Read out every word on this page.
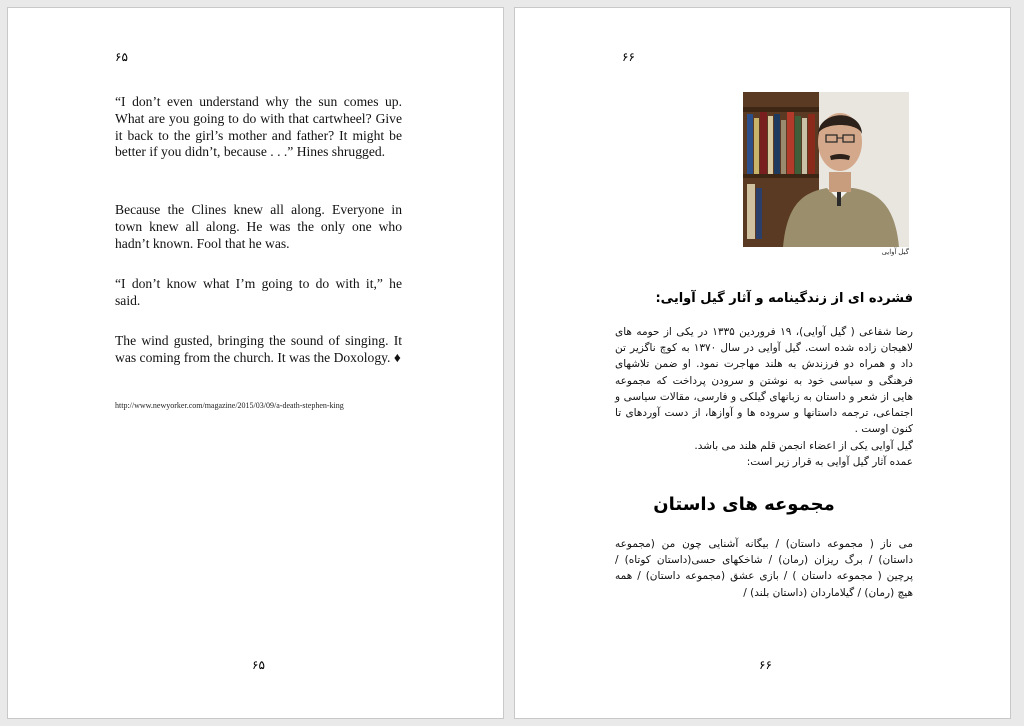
۶۵

“I don’t even understand why the sun comes up. What are you going to do with that cartwheel? Give it back to the girl’s mother and father? It might be better if you didn’t, because . . .” Hines shrugged.

Because the Clines knew all along. Everyone in town knew all along. He was the only one who hadn’t known. Fool that he was.

“I don’t know what I’m going to do with it,” he said.

The wind gusted, bringing the sound of singing. It was coming from the church. It was the Doxology. ♦

http://www.newyorker.com/magazine/2015/03/09/a-death-stephen-king
۶۵
۶۶
گیل آوایی
فشرده ای از زندگینامه و آثار گیل آوایی:

رضا شفاعی ( گیل آوایی)، ۱۹ فروردین ۱۳۳۵ در یکی از حومه های لاهیجان زاده شده است. گیل آوایی در سال ۱۳۷۰ به کوچ ناگزیر تن داد و همراه دو فرزندش به هلند مهاجرت نمود. او ضمن تلاشهای فرهنگی و سیاسی خود به نوشتن و سرودن پرداخت که مجموعه هایی از شعر و داستان به زبانهای گیلکی و فارسی، مقالات سیاسی و اجتماعی، ترجمه داستانها و سروده ها و آوازها، از دست آوردهای تا کنون اوست .

گیل آوایی یکی از اعضاء انجمن قلم هلند می باشد.

عمده آثار گیل آوایی به قرار زیر است:

مجموعه های داستان

می ناز ( مجموعه داستان) / بیگانه آشنایی چون من (مجموعه داستان) / برگ ریزان (رمان) / شاخکهای حسی(داستان کوتاه) / پرچین ( مجموعه داستان ) / بازی عشق (مجموعه داستان) / همه هیچ (رمان) / گیلاماردان (داستان بلند) /

۶۶
